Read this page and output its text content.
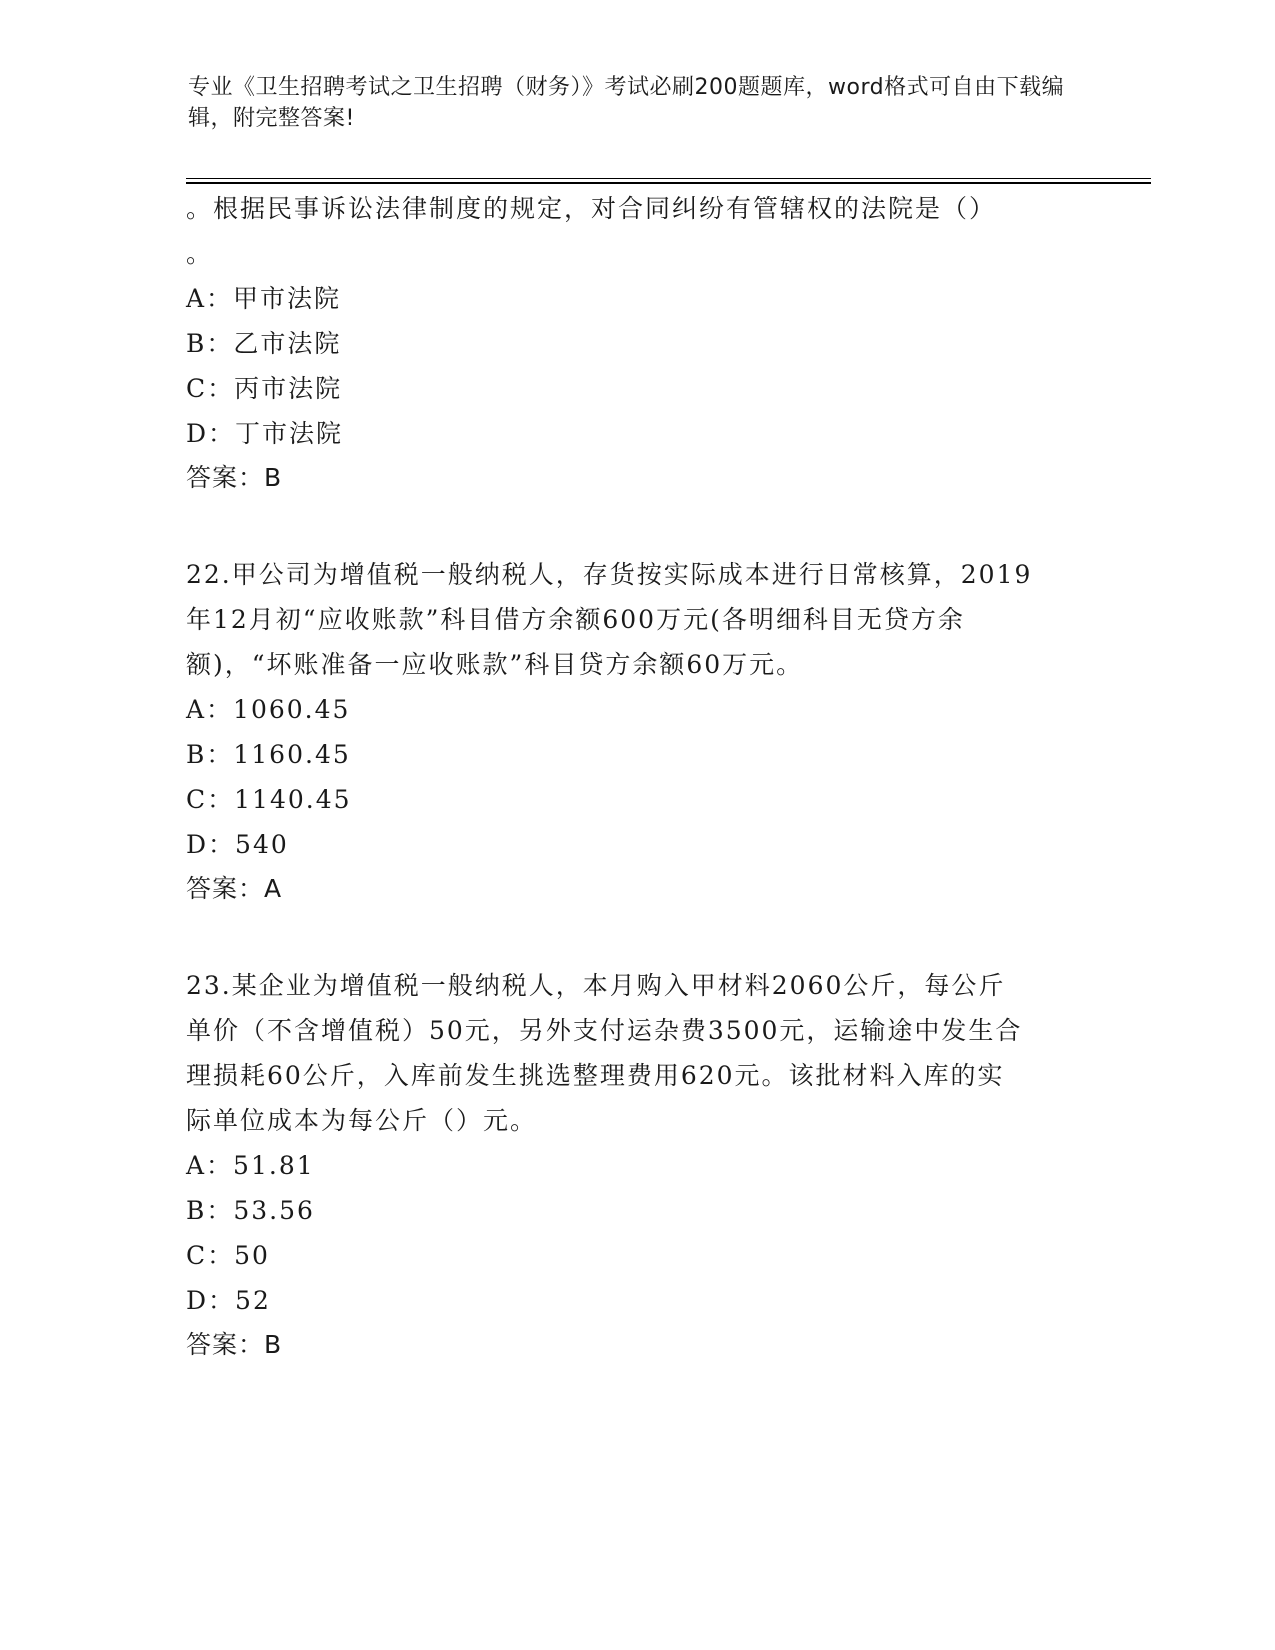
专业《卫生招聘考试之卫生招聘（财务）》考试必刷200题题库，word格式可自由下载编辑，附完整答案!
。根据民事诉讼法律制度的规定，对合同纠纷有管辖权的法院是（）
。
A：甲市法院
B：乙市法院
C：丙市法院
D：丁市法院
答案：B
22.甲公司为增值税一般纳税人，存货按实际成本进行日常核算，2019
年12月初“应收账款”科目借方余额600万元(各明细科目无贷方余
额)，“坏账准备一应收账款”科目贷方余额60万元。
A：1060.45
B：1160.45
C：1140.45
D：540
答案：A
23.某企业为增值税一般纳税人，本月购入甲材料2060公斤，每公斤
单价（不含增值税）50元，另外支付运杂费3500元，运输途中发生合
理损耗60公斤，入库前发生挑选整理费用620元。该批材料入库的实
际单位成本为每公斤（）元。
A：51.81
B：53.56
C：50
D：52
答案：B
